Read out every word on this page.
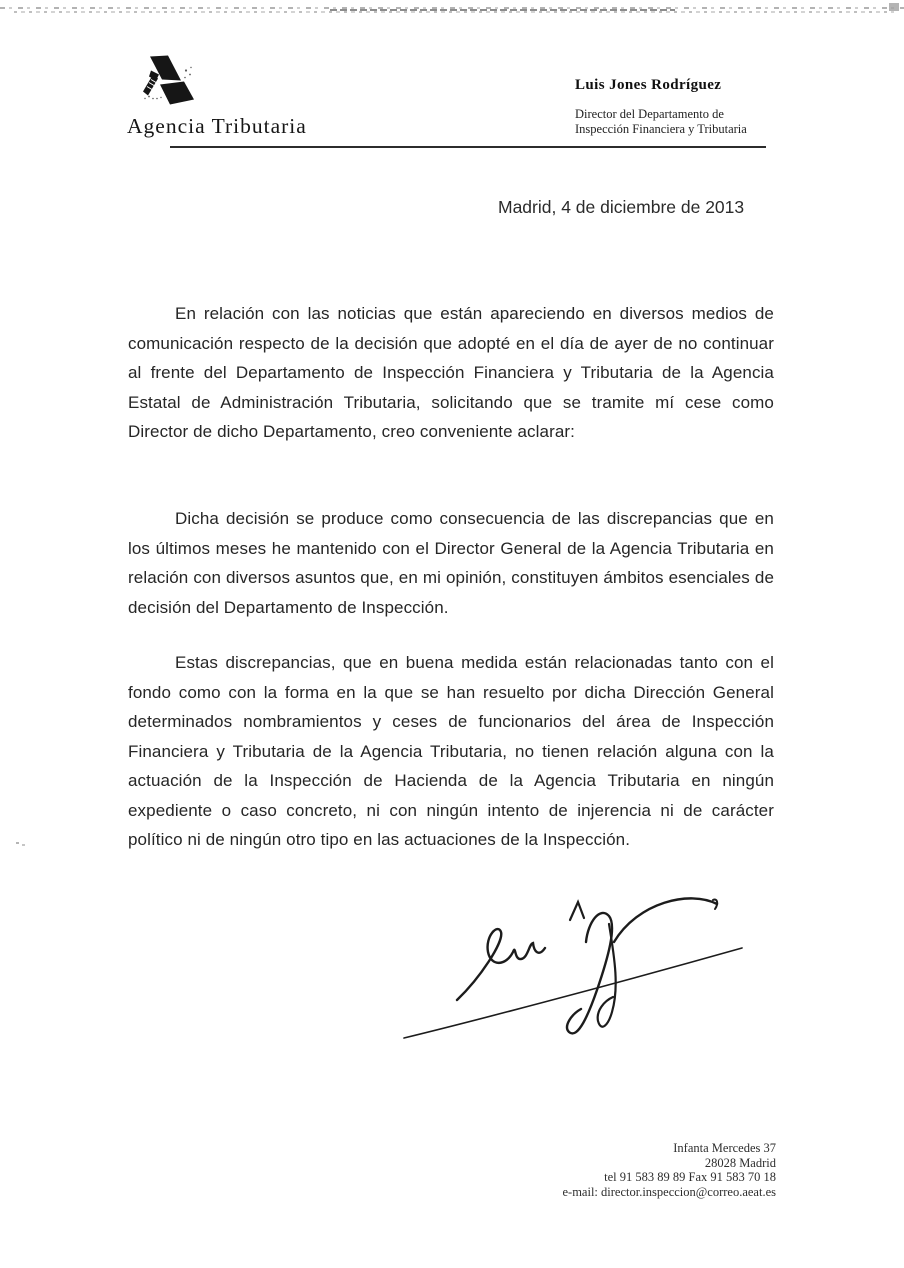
Agencia Tributaria
Luis Jones Rodríguez
Director del Departamento de
Inspección Financiera y Tributaria
Madrid, 4 de diciembre de 2013

En relación con las noticias que están apareciendo en diversos medios de comunicación respecto de la decisión que adopté en el día de ayer de no continuar al frente del Departamento de Inspección Financiera y Tributaria de la Agencia Estatal de Administración Tributaria, solicitando que se tramite mí cese como Director de dicho Departamento, creo conveniente aclarar:

Dicha decisión se produce como consecuencia de las discrepancias que en los últimos meses he mantenido con el Director General de la Agencia Tributaria en relación con diversos asuntos que, en mi opinión, constituyen ámbitos esenciales de decisión del Departamento de Inspección.

Estas discrepancias, que en buena medida están relacionadas tanto con el fondo como con la forma en la que se han resuelto por dicha Dirección General determinados nombramientos y ceses de funcionarios del área de Inspección Financiera y Tributaria de la Agencia Tributaria, no tienen relación alguna con la actuación de la Inspección de Hacienda de la Agencia Tributaria en ningún expediente o caso concreto, ni con ningún intento de injerencia ni de carácter político ni de ningún otro tipo en las actuaciones de la Inspección.

Infanta Mercedes 37
28028 Madrid
tel 91 583 89 89 Fax 91 583 70 18
e-mail: director.inspeccion@correo.aeat.es
